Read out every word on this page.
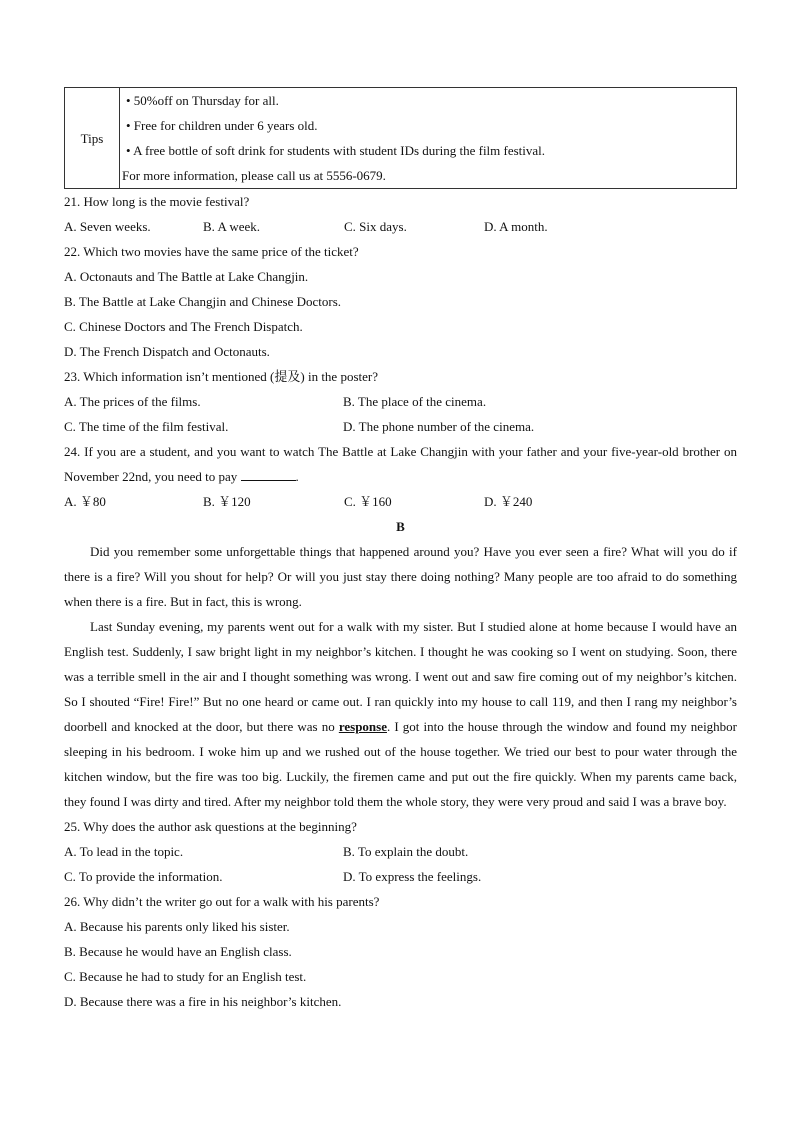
Tips	
• 50%off on Thursday for all.
• Free for children under 6 years old.
• A free bottle of soft drink for students with student IDs during the film festival.
For more information, please call us at 5556-0679.
21. How long is the movie festival?
A. Seven weeks.	B. A week.	C. Six days.	D. A month.
22. Which two movies have the same price of the ticket?
A. Octonauts and The Battle at Lake Changjin.
B. The Battle at Lake Changjin and Chinese Doctors.
C. Chinese Doctors and The French Dispatch.
D. The French Dispatch and Octonauts.
23. Which information isn’t mentioned (提及) in the poster?
A. The prices of the films.	B. The place of the cinema.
C. The time of the film festival.	D. The phone number of the cinema.
24. If you are a student, and you want to watch The Battle at Lake Changjin with your father and your five-year-old brother on November 22nd, you need to pay	.
A. ￥80	B. ￥120	C. ￥160	D. ￥240
B

Did you remember some unforgettable things that happened around you? Have you ever seen a fire? What will you do if there is a fire? Will you shout for help? Or will you just stay there doing nothing? Many people are too afraid to do something when there is a fire. But in fact, this is wrong.

Last Sunday evening, my parents went out for a walk with my sister. But I studied alone at home because I would have an English test. Suddenly, I saw bright light in my neighbor’s kitchen. I thought he was cooking so I went on studying. Soon, there was a terrible smell in the air and I thought something was wrong. I went out and saw fire coming out of my neighbor’s kitchen. So I shouted “Fire! Fire!” But no one heard or came out. I ran quickly into my house to call 119, and then I rang my neighbor’s doorbell and knocked at the door, but there was no response. I got into the house through the window and found my neighbor sleeping in his bedroom. I woke him up and we rushed out of the house together. We tried our best to pour water through the kitchen window, but the fire was too big. Luckily, the firemen came and put out the fire quickly. When my parents came back, they found I was dirty and tired. After my neighbor told them the whole story, they were very proud and said I was a brave boy.

25. Why does the author ask questions at the beginning?
A. To lead in the topic.	B. To explain the doubt.
C. To provide the information.	D. To express the feelings.
26. Why didn’t the writer go out for a walk with his parents?
A. Because his parents only liked his sister.
B. Because he would have an English class.
C. Because he had to study for an English test.
D. Because there was a fire in his neighbor’s kitchen.
